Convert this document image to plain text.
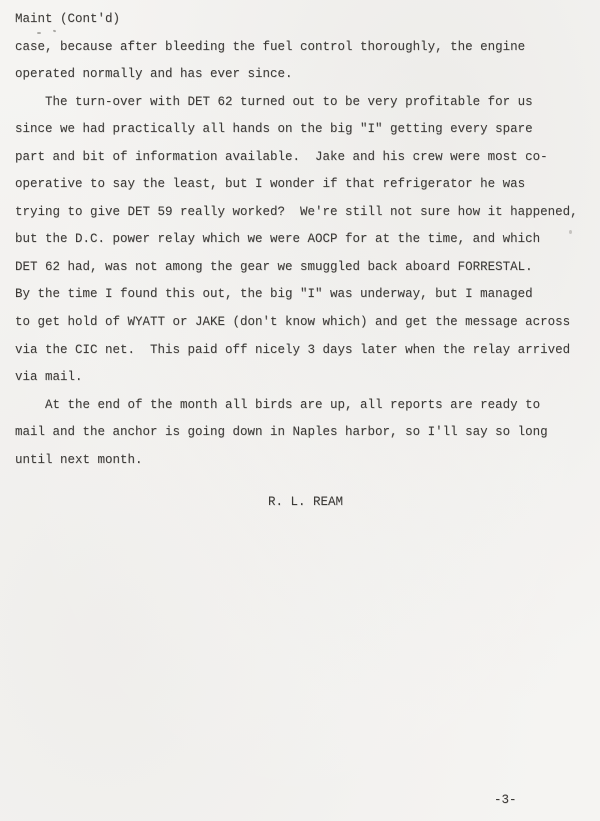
Maint (Cont'd)
case, because after bleeding the fuel control thoroughly, the engine
operated normally and has ever since.
The turn-over with DET 62 turned out to be very profitable for us
since we had practically all hands on the big "I" getting every spare
part and bit of information available.  Jake and his crew were most co-
operative to say the least, but I wonder if that refrigerator he was
trying to give DET 59 really worked?  We're still not sure how it happened,
but the D.C. power relay which we were AOCP for at the time, and which
DET 62 had, was not among the gear we smuggled back aboard FORRESTAL.
By the time I found this out, the big "I" was underway, but I managed
to get hold of WYATT or JAKE (don't know which) and get the message across
via the CIC net.  This paid off nicely 3 days later when the relay arrived
via mail.
At the end of the month all birds are up, all reports are ready to
mail and the anchor is going down in Naples harbor, so I'll say so long
until next month.
R. L. REAM
-3-
